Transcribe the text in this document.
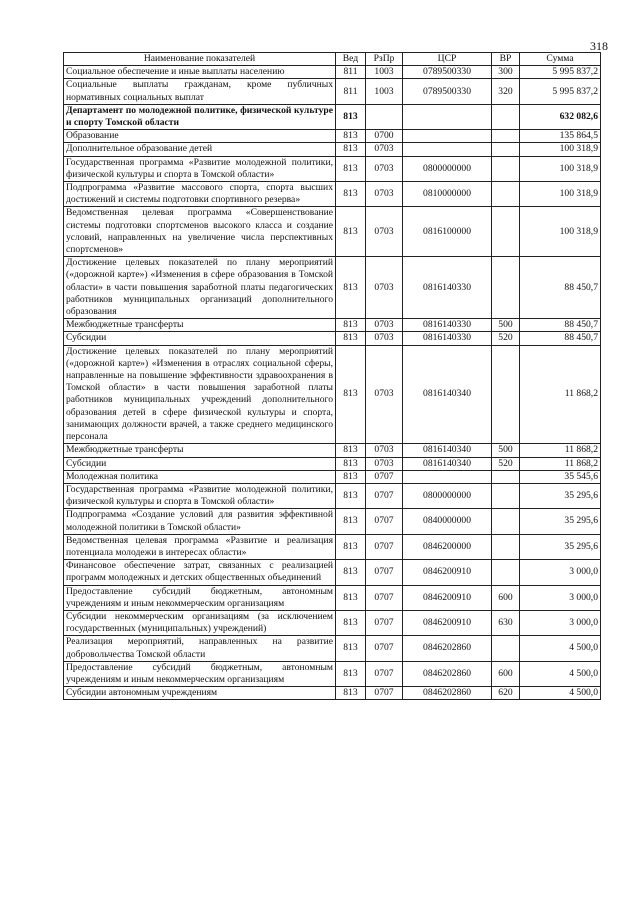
318
Наименование показателей	Вед	РзПр	ЦСР	ВР	Сумма
Социальное обеспечение и иные выплаты населению	811	1003	0789500330	300	5 995 837,2
Социальные выплаты гражданам, кроме публичных нормативных социальных выплат	811	1003	0789500330	320	5 995 837,2
Департамент по молодежной политике, физической культуре и спорту Томской области	813				632 082,6
Образование	813	0700			135 864,5
Дополнительное образование детей	813	0703			100 318,9
Государственная программа «Развитие молодежной политики, физической культуры и спорта в Томской области»	813	0703	0800000000		100 318,9
Подпрограмма «Развитие массового спорта, спорта высших достижений и системы подготовки спортивного резерва»	813	0703	0810000000		100 318,9
Ведомственная целевая программа «Совершенствование системы подготовки спортсменов высокого класса и создание условий, направленных на увеличение числа перспективных спортсменов»	813	0703	0816100000		100 318,9
Достижение целевых показателей по плану мероприятий («дорожной карте») «Изменения в сфере образования в Томской области» в части повышения заработной платы педагогических работников муниципальных организаций дополнительного образования	813	0703	0816140330		88 450,7
Межбюджетные трансферты	813	0703	0816140330	500	88 450,7
Субсидии	813	0703	0816140330	520	88 450,7
Достижение целевых показателей по плану мероприятий («дорожной карте») «Изменения в отраслях социальной сферы, направленные на повышение эффективности здравоохранения в Томской области» в части повышения заработной платы работников муниципальных учреждений дополнительного образования детей в сфере физической культуры и спорта, занимающих должности врачей, а также среднего медицинского персонала	813	0703	0816140340		11 868,2
Межбюджетные трансферты	813	0703	0816140340	500	11 868,2
Субсидии	813	0703	0816140340	520	11 868,2
Молодежная политика	813	0707			35 545,6
Государственная программа «Развитие молодежной политики, физической культуры и спорта в Томской области»	813	0707	0800000000		35 295,6
Подпрограмма «Создание условий для развития эффективной молодежной политики в Томской области»	813	0707	0840000000		35 295,6
Ведомственная целевая программа «Развитие и реализация потенциала молодежи в интересах области»	813	0707	0846200000		35 295,6
Финансовое обеспечение затрат, связанных с реализацией программ молодежных и детских общественных объединений	813	0707	0846200910		3 000,0
Предоставление субсидий бюджетным, автономным учреждениям и иным некоммерческим организациям	813	0707	0846200910	600	3 000,0
Субсидии некоммерческим организациям (за исключением государственных (муниципальных) учреждений)	813	0707	0846200910	630	3 000,0
Реализация мероприятий, направленных на развитие добровольчества Томской области	813	0707	0846202860		4 500,0
Предоставление субсидий бюджетным, автономным учреждениям и иным некоммерческим организациям	813	0707	0846202860	600	4 500,0
Субсидии автономным учреждениям	813	0707	0846202860	620	4 500,0
